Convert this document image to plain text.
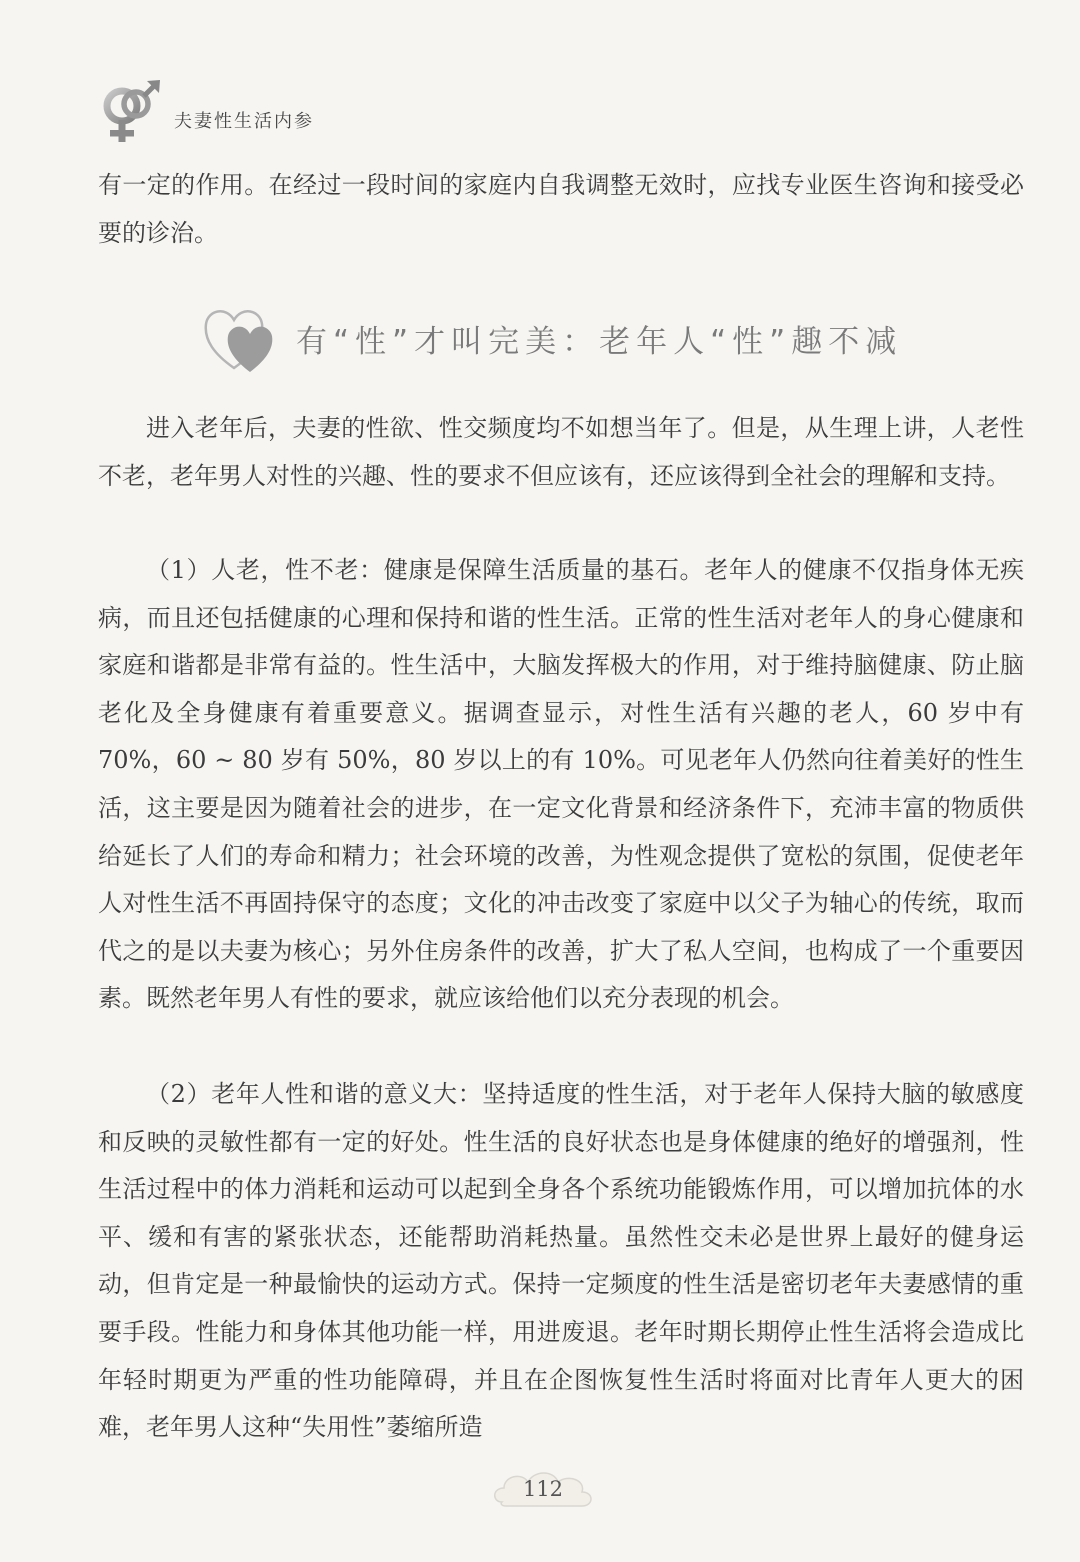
夫妻性生活内参

有一定的作用。在经过一段时间的家庭内自我调整无效时，应找专业医生咨询和接受必要的诊治。

有“性”才叫完美：老年人“性”趣不减

进入老年后，夫妻的性欲、性交频度均不如想当年了。但是，从生理上讲，人老性不老，老年男人对性的兴趣、性的要求不但应该有，还应该得到全社会的理解和支持。

（1）人老，性不老：健康是保障生活质量的基石。老年人的健康不仅指身体无疾病，而且还包括健康的心理和保持和谐的性生活。正常的性生活对老年人的身心健康和家庭和谐都是非常有益的。性生活中，大脑发挥极大的作用，对于维持脑健康、防止脑老化及全身健康有着重要意义。据调查显示，对性生活有兴趣的老人，60 岁中有 70%，60 ~ 80 岁有 50%，80 岁以上的有 10%。可见老年人仍然向往着美好的性生活，这主要是因为随着社会的进步，在一定文化背景和经济条件下，充沛丰富的物质供给延长了人们的寿命和精力；社会环境的改善，为性观念提供了宽松的氛围，促使老年人对性生活不再固持保守的态度；文化的冲击改变了家庭中以父子为轴心的传统，取而代之的是以夫妻为核心；另外住房条件的改善，扩大了私人空间，也构成了一个重要因素。既然老年男人有性的要求，就应该给他们以充分表现的机会。

（2）老年人性和谐的意义大：坚持适度的性生活，对于老年人保持大脑的敏感度和反映的灵敏性都有一定的好处。性生活的良好状态也是身体健康的绝好的增强剂，性生活过程中的体力消耗和运动可以起到全身各个系统功能锻炼作用，可以增加抗体的水平、缓和有害的紧张状态，还能帮助消耗热量。虽然性交未必是世界上最好的健身运动，但肯定是一种最愉快的运动方式。保持一定频度的性生活是密切老年夫妻感情的重要手段。性能力和身体其他功能一样，用进废退。老年时期长期停止性生活将会造成比年轻时期更为严重的性功能障碍，并且在企图恢复性生活时将面对比青年人更大的困难，老年男人这种“失用性”萎缩所造

112
